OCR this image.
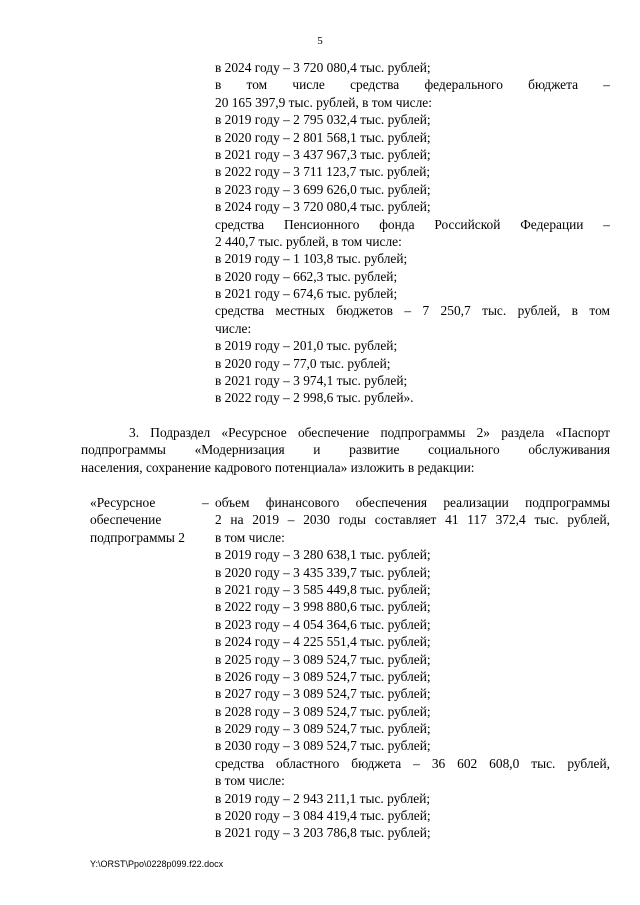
5
в 2024 году – 3 720 080,4 тыс. рублей;
в том числе средства федерального бюджета –
20 165 397,9 тыс. рублей, в том числе:
в 2019 году – 2 795 032,4 тыс. рублей;
в 2020 году – 2 801 568,1 тыс. рублей;
в 2021 году – 3 437 967,3 тыс. рублей;
в 2022 году – 3 711 123,7 тыс. рублей;
в 2023 году – 3 699 626,0 тыс. рублей;
в 2024 году – 3 720 080,4 тыс. рублей;
средства Пенсионного фонда Российской Федерации –
2 440,7 тыс. рублей, в том числе:
в 2019 году – 1 103,8 тыс. рублей;
в 2020 году – 662,3 тыс. рублей;
в 2021 году – 674,6 тыс. рублей;
средства местных бюджетов – 7 250,7 тыс. рублей, в том
числе:
в 2019 году – 201,0 тыс. рублей;
в 2020 году – 77,0 тыс. рублей;
в 2021 году – 3 974,1 тыс. рублей;
в 2022 году – 2 998,6 тыс. рублей».
3. Подраздел «Ресурсное обеспечение подпрограммы 2» раздела «Паспорт
подпрограммы «Модернизация и развитие социального обслуживания
населения, сохранение кадрового потенциала» изложить в редакции:
«Ресурсное
обеспечение
подпрограммы 2
– объем финансового обеспечения реализации подпрограммы
2 на 2019 – 2030 годы составляет 41 117 372,4 тыс. рублей,
в том числе:
в 2019 году – 3 280 638,1 тыс. рублей;
в 2020 году – 3 435 339,7 тыс. рублей;
в 2021 году – 3 585 449,8 тыс. рублей;
в 2022 году – 3 998 880,6 тыс. рублей;
в 2023 году – 4 054 364,6 тыс. рублей;
в 2024 году – 4 225 551,4 тыс. рублей;
в 2025 году – 3 089 524,7 тыс. рублей;
в 2026 году – 3 089 524,7 тыс. рублей;
в 2027 году – 3 089 524,7 тыс. рублей;
в 2028 году – 3 089 524,7 тыс. рублей;
в 2029 году – 3 089 524,7 тыс. рублей;
в 2030 году – 3 089 524,7 тыс. рублей;
средства областного бюджета – 36 602 608,0 тыс. рублей,
в том числе:
в 2019 году – 2 943 211,1 тыс. рублей;
в 2020 году – 3 084 419,4 тыс. рублей;
в 2021 году – 3 203 786,8 тыс. рублей;
Y:\ORST\Ppo\0228p099.f22.docx
